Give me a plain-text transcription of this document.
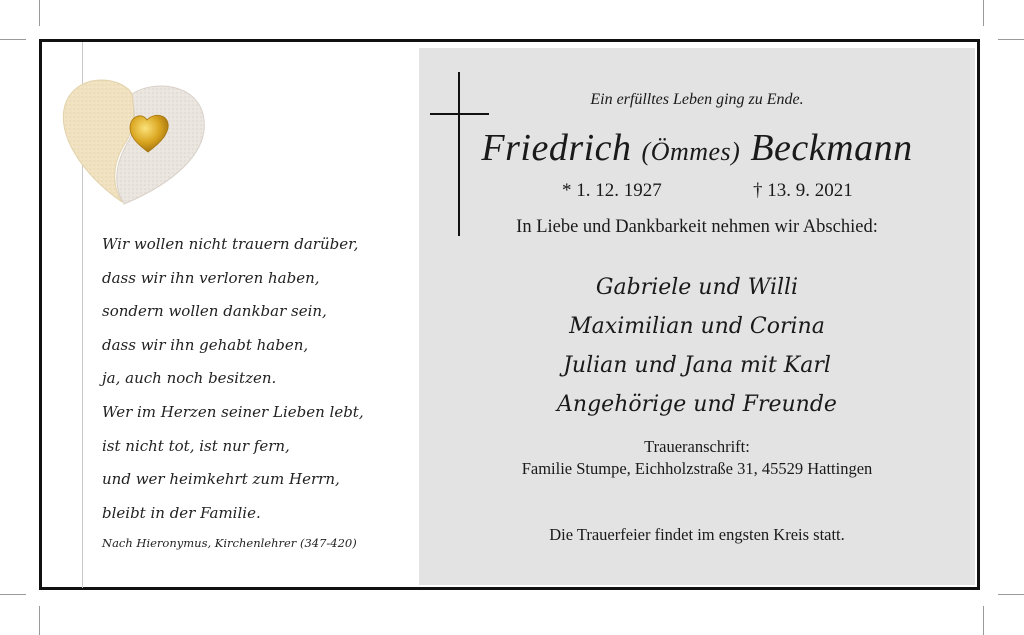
Wir wollen nicht trauern darüber,
dass wir ihn verloren haben,
sondern wollen dankbar sein,
dass wir ihn gehabt haben,
ja, auch noch besitzen.
Wer im Herzen seiner Lieben lebt,
ist nicht tot, ist nur fern,
und wer heimkehrt zum Herrn,
bleibt in der Familie.
Nach Hieronymus, Kirchenlehrer (347-420)
Ein erfülltes Leben ging zu Ende.
Friedrich (Ömmes) Beckmann
* 1. 12. 1927	† 13. 9. 2021
In Liebe und Dankbarkeit nehmen wir Abschied:
Gabriele und Willi
Maximilian und Corina
Julian und Jana mit Karl
Angehörige und Freunde
Traueranschrift:
Familie Stumpe, Eichholzstraße 31, 45529 Hattingen
Die Trauerfeier findet im engsten Kreis statt.
